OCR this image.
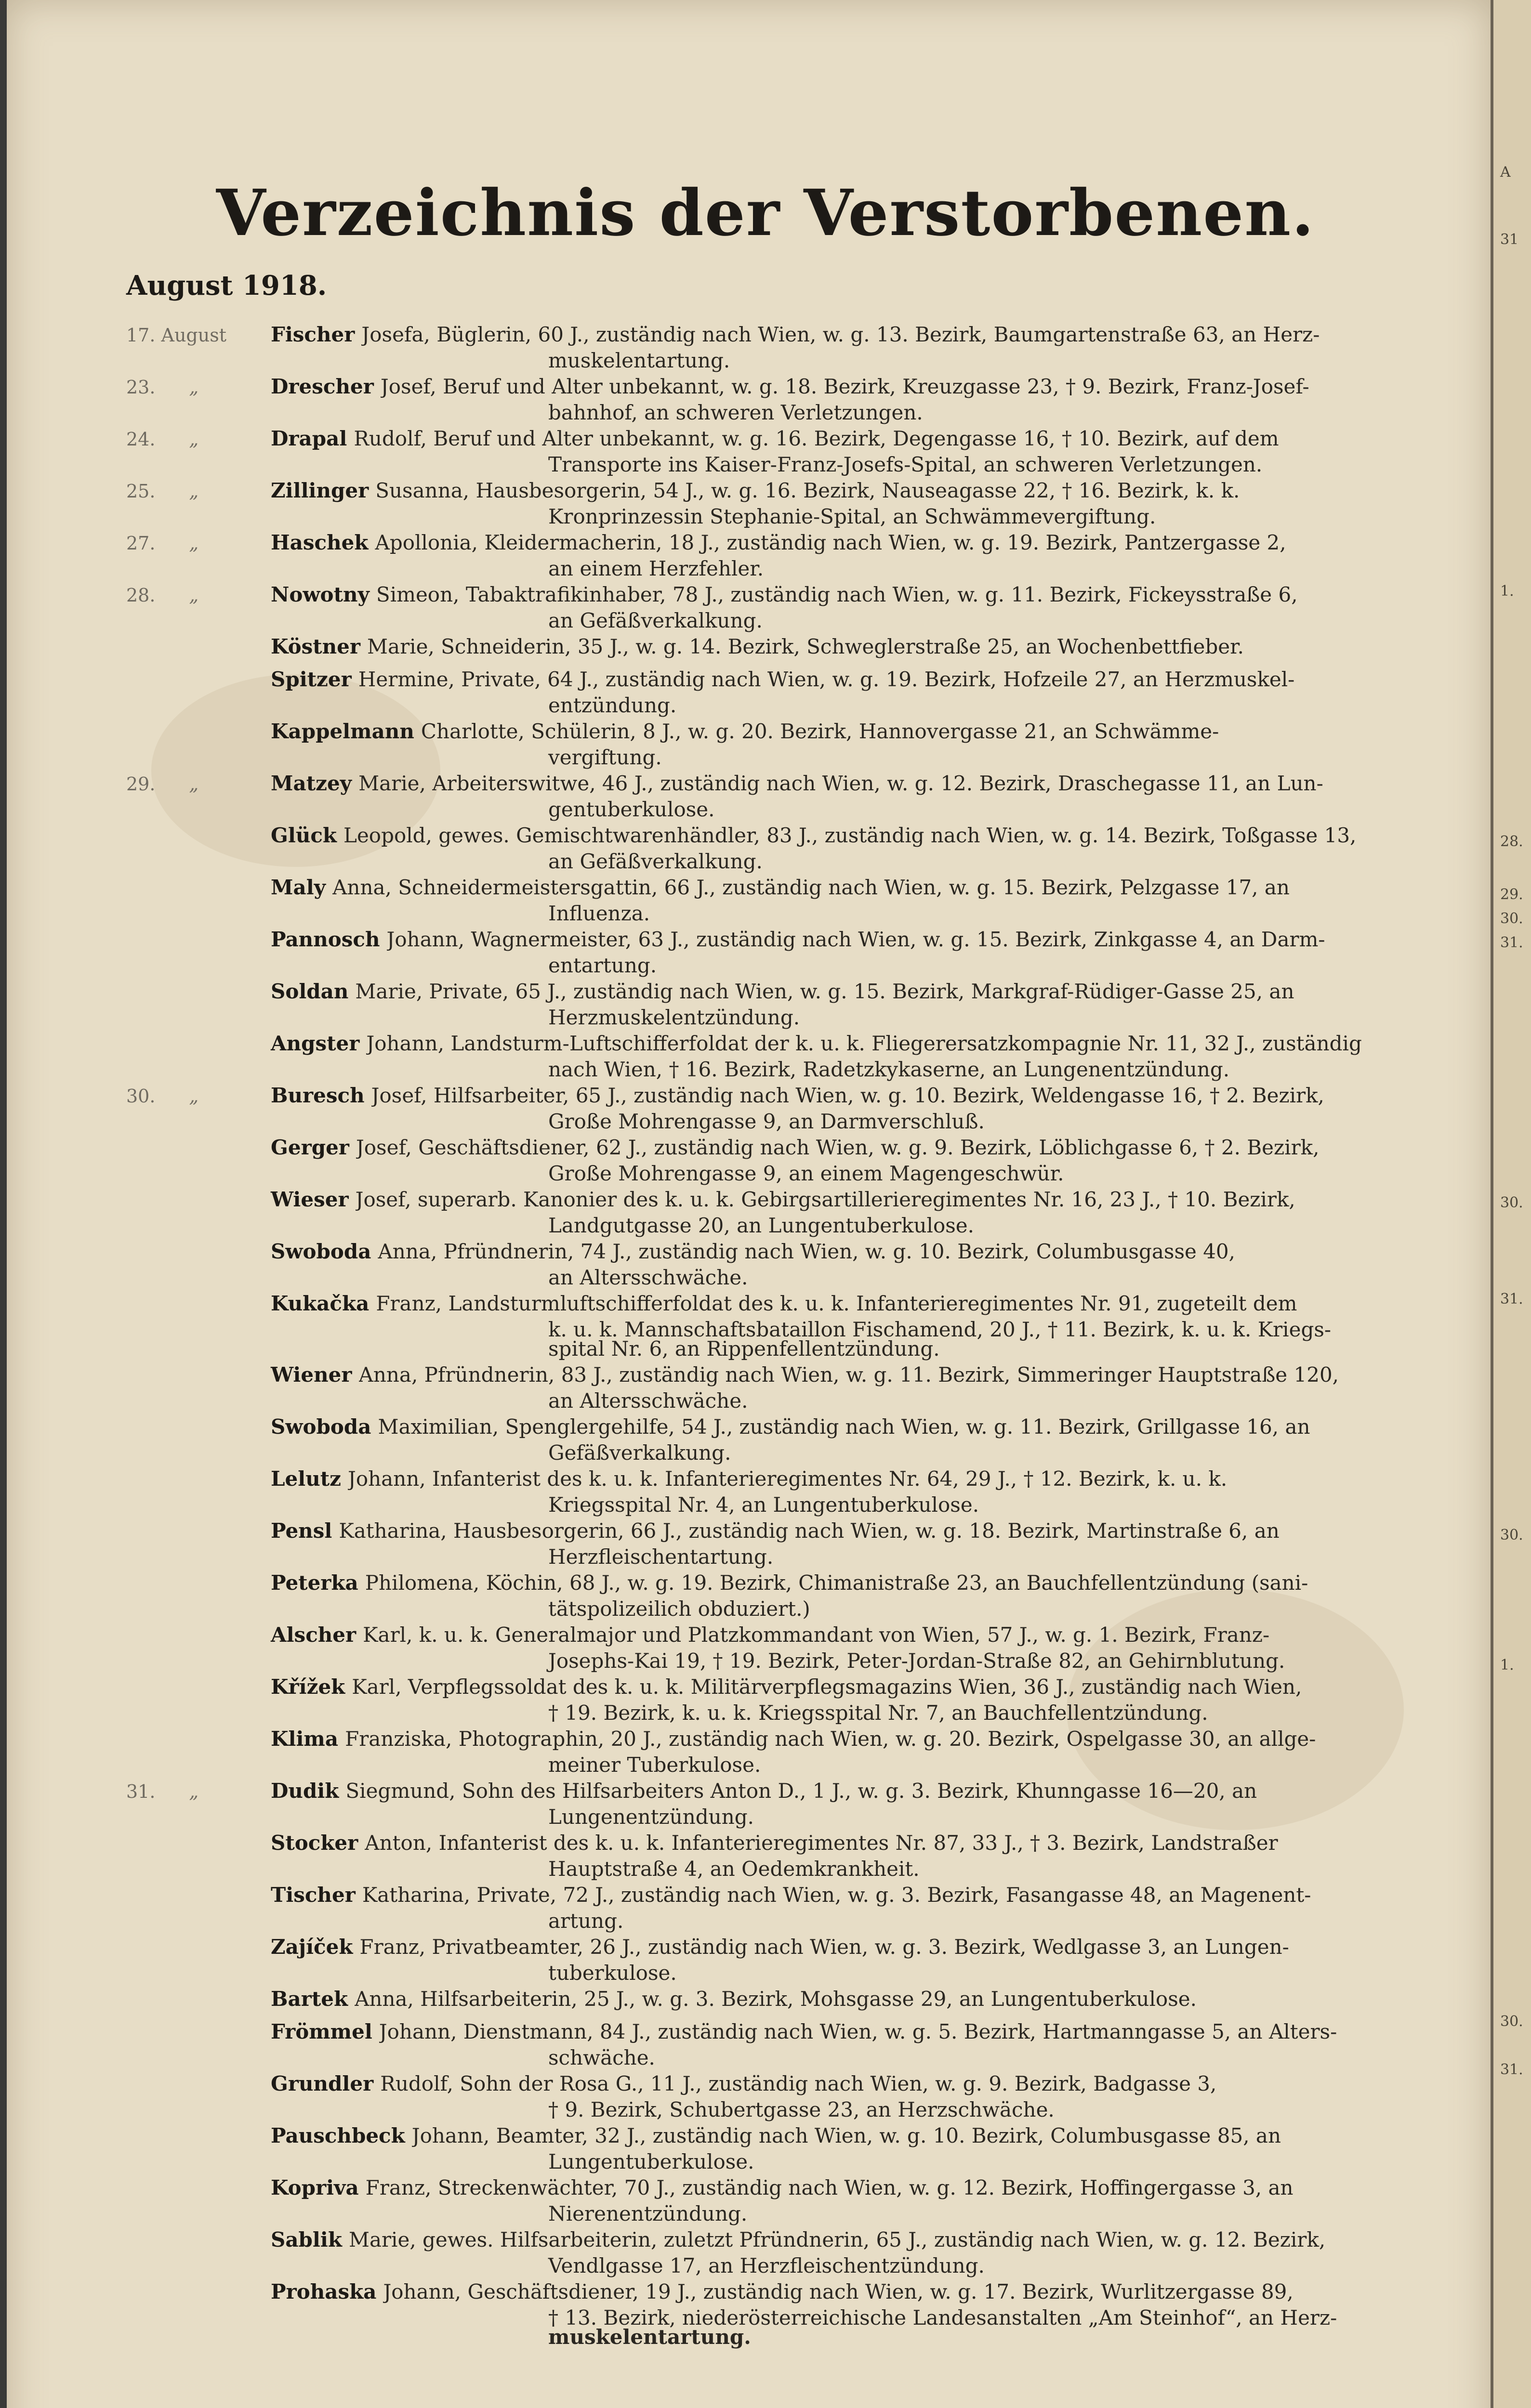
A
31
1.
28.
29.
30.
31.
30.
31.
30.
1.
30.
31.
Verzeichnis der Verstorbenen.
August 1918.
17. August	Fischer Josefa, Büglerin, 60 J., zuständig nach Wien, w. g. 13. Bezirk, Baumgartenstraße 63, an Herz-
muskelentartung.
23. „	Drescher Josef, Beruf und Alter unbekannt, w. g. 18. Bezirk, Kreuzgasse 23, † 9. Bezirk, Franz-Josef-
bahnhof, an schweren Verletzungen.
24. „	Drapal Rudolf, Beruf und Alter unbekannt, w. g. 16. Bezirk, Degengasse 16, † 10. Bezirk, auf dem
Transporte ins Kaiser-Franz-Josefs-Spital, an schweren Verletzungen.
25. „	Zillinger Susanna, Hausbesorgerin, 54 J., w. g. 16. Bezirk, Nauseagasse 22, † 16. Bezirk, k. k.
Kronprinzessin Stephanie-Spital, an Schwämmevergiftung.
27. „	Haschek Apollonia, Kleidermacherin, 18 J., zuständig nach Wien, w. g. 19. Bezirk, Pantzergasse 2,
an einem Herzfehler.
28. „	Nowotny Simeon, Tabaktrafikinhaber, 78 J., zuständig nach Wien, w. g. 11. Bezirk, Fickeysstraße 6,
an Gefäßverkalkung.
Köstner Marie, Schneiderin, 35 J., w. g. 14. Bezirk, Schweglerstraße 25, an Wochenbettfieber.
Spitzer Hermine, Private, 64 J., zuständig nach Wien, w. g. 19. Bezirk, Hofzeile 27, an Herzmuskel-
entzündung.
Kappelmann Charlotte, Schülerin, 8 J., w. g. 20. Bezirk, Hannovergasse 21, an Schwämme-
vergiftung.
29. „	Matzey Marie, Arbeiterswitwe, 46 J., zuständig nach Wien, w. g. 12. Bezirk, Draschegasse 11, an Lun-
gentuberkulose.
Glück Leopold, gewes. Gemischtwarenhändler, 83 J., zuständig nach Wien, w. g. 14. Bezirk, Toßgasse 13,
an Gefäßverkalkung.
Maly Anna, Schneidermeistersgattin, 66 J., zuständig nach Wien, w. g. 15. Bezirk, Pelzgasse 17, an
Influenza.
Pannosch Johann, Wagnermeister, 63 J., zuständig nach Wien, w. g. 15. Bezirk, Zinkgasse 4, an Darm-
entartung.
Soldan Marie, Private, 65 J., zuständig nach Wien, w. g. 15. Bezirk, Markgraf-Rüdiger-Gasse 25, an
Herzmuskelentzündung.
Angster Johann, Landsturm-Luftschifferfoldat der k. u. k. Fliegerersatzkompagnie Nr. 11, 32 J., zuständig
nach Wien, † 16. Bezirk, Radetzkykaserne, an Lungenentzündung.
30. „	Buresch Josef, Hilfsarbeiter, 65 J., zuständig nach Wien, w. g. 10. Bezirk, Weldengasse 16, † 2. Bezirk,
Große Mohrengasse 9, an Darmverschluß.
Gerger Josef, Geschäftsdiener, 62 J., zuständig nach Wien, w. g. 9. Bezirk, Löblichgasse 6, † 2. Bezirk,
Große Mohrengasse 9, an einem Magengeschwür.
Wieser Josef, superarb. Kanonier des k. u. k. Gebirgsartillerieregimentes Nr. 16, 23 J., † 10. Bezirk,
Landgutgasse 20, an Lungentuberkulose.
Swoboda Anna, Pfründnerin, 74 J., zuständig nach Wien, w. g. 10. Bezirk, Columbusgasse 40,
an Altersschwäche.
Kukačka Franz, Landsturmluftschifferfoldat des k. u. k. Infanterieregimentes Nr. 91, zugeteilt dem
k. u. k. Mannschaftsbataillon Fischamend, 20 J., † 11. Bezirk, k. u. k. Kriegs-
spital Nr. 6, an Rippenfellentzündung.
Wiener Anna, Pfründnerin, 83 J., zuständig nach Wien, w. g. 11. Bezirk, Simmeringer Hauptstraße 120,
an Altersschwäche.
Swoboda Maximilian, Spenglergehilfe, 54 J., zuständig nach Wien, w. g. 11. Bezirk, Grillgasse 16, an
Gefäßverkalkung.
Lelutz Johann, Infanterist des k. u. k. Infanterieregimentes Nr. 64, 29 J., † 12. Bezirk, k. u. k.
Kriegsspital Nr. 4, an Lungentuberkulose.
Pensl Katharina, Hausbesorgerin, 66 J., zuständig nach Wien, w. g. 18. Bezirk, Martinstraße 6, an
Herzfleischentartung.
Peterka Philomena, Köchin, 68 J., w. g. 19. Bezirk, Chimanistraße 23, an Bauchfellentzündung (sani-
tätspolizeilich obduziert.)
Alscher Karl, k. u. k. Generalmajor und Platzkommandant von Wien, 57 J., w. g. 1. Bezirk, Franz-
Josephs-Kai 19, † 19. Bezirk, Peter-Jordan-Straße 82, an Gehirnblutung.
Křížek Karl, Verpflegssoldat des k. u. k. Militärverpflegsmagazins Wien, 36 J., zuständig nach Wien,
† 19. Bezirk, k. u. k. Kriegsspital Nr. 7, an Bauchfellentzündung.
Klima Franziska, Photographin, 20 J., zuständig nach Wien, w. g. 20. Bezirk, Ospelgasse 30, an allge-
meiner Tuberkulose.
31. „	Dudik Siegmund, Sohn des Hilfsarbeiters Anton D., 1 J., w. g. 3. Bezirk, Khunngasse 16—20, an
Lungenentzündung.
Stocker Anton, Infanterist des k. u. k. Infanterieregimentes Nr. 87, 33 J., † 3. Bezirk, Landstraßer
Hauptstraße 4, an Oedemkrankheit.
Tischer Katharina, Private, 72 J., zuständig nach Wien, w. g. 3. Bezirk, Fasangasse 48, an Magenent-
artung.
Zajíček Franz, Privatbeamter, 26 J., zuständig nach Wien, w. g. 3. Bezirk, Wedlgasse 3, an Lungen-
tuberkulose.
Bartek Anna, Hilfsarbeiterin, 25 J., w. g. 3. Bezirk, Mohsgasse 29, an Lungentuberkulose.
Frömmel Johann, Dienstmann, 84 J., zuständig nach Wien, w. g. 5. Bezirk, Hartmanngasse 5, an Alters-
schwäche.
Grundler Rudolf, Sohn der Rosa G., 11 J., zuständig nach Wien, w. g. 9. Bezirk, Badgasse 3,
† 9. Bezirk, Schubertgasse 23, an Herzschwäche.
Pauschbeck Johann, Beamter, 32 J., zuständig nach Wien, w. g. 10. Bezirk, Columbusgasse 85, an
Lungentuberkulose.
Kopriva Franz, Streckenwächter, 70 J., zuständig nach Wien, w. g. 12. Bezirk, Hoffingergasse 3, an
Nierenentzündung.
Sablik Marie, gewes. Hilfsarbeiterin, zuletzt Pfründnerin, 65 J., zuständig nach Wien, w. g. 12. Bezirk,
Vendlgasse 17, an Herzfleischentzündung.
Prohaska Johann, Geschäftsdiener, 19 J., zuständig nach Wien, w. g. 17. Bezirk, Wurlitzergasse 89,
† 13. Bezirk, niederösterreichische Landesanstalten „Am Steinhof“, an Herz-
muskelentartung.
